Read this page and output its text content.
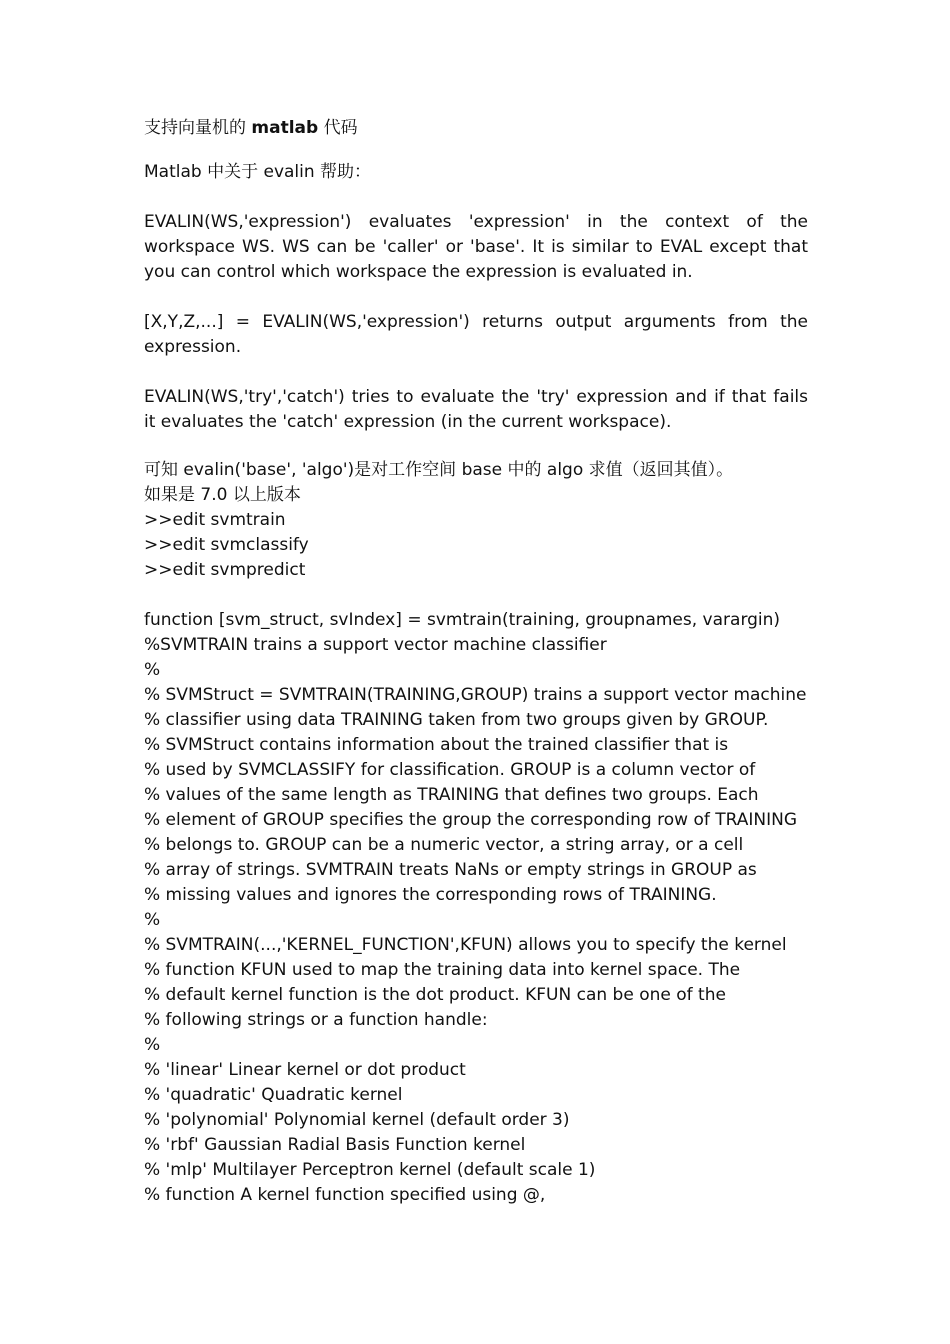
支持向量机的 matlab 代码
Matlab 中关于 evalin 帮助：
EVALIN(WS,'expression') evaluates 'expression' in the context of the workspace WS. WS can be 'caller' or 'base'. It is similar to EVAL except that you can control which workspace the expression is evaluated in.
[X,Y,Z,...] = EVALIN(WS,'expression') returns output arguments from the expression.
EVALIN(WS,'try','catch') tries to evaluate the 'try' expression and if that fails it evaluates the 'catch' expression (in the current workspace).
可知 evalin('base', 'algo')是对工作空间 base 中的 algo 求值（返回其值）。
如果是 7.0 以上版本
>>edit svmtrain
>>edit svmclassify
>>edit svmpredict
function [svm_struct, svIndex] = svmtrain(training, groupnames, varargin)
%SVMTRAIN trains a support vector machine classifier
%
% SVMStruct = SVMTRAIN(TRAINING,GROUP) trains a support vector machine
% classifier using data TRAINING taken from two groups given by GROUP.
% SVMStruct contains information about the trained classifier that is
% used by SVMCLASSIFY for classification. GROUP is a column vector of
% values of the same length as TRAINING that defines two groups. Each
% element of GROUP specifies the group the corresponding row of TRAINING
% belongs to. GROUP can be a numeric vector, a string array, or a cell
% array of strings. SVMTRAIN treats NaNs or empty strings in GROUP as
% missing values and ignores the corresponding rows of TRAINING.
%
% SVMTRAIN(...,'KERNEL_FUNCTION',KFUN) allows you to specify the kernel
% function KFUN used to map the training data into kernel space. The
% default kernel function is the dot product. KFUN can be one of the
% following strings or a function handle:
%
% 'linear' Linear kernel or dot product
% 'quadratic' Quadratic kernel
% 'polynomial' Polynomial kernel (default order 3)
% 'rbf' Gaussian Radial Basis Function kernel
% 'mlp' Multilayer Perceptron kernel (default scale 1)
% function A kernel function specified using @,
